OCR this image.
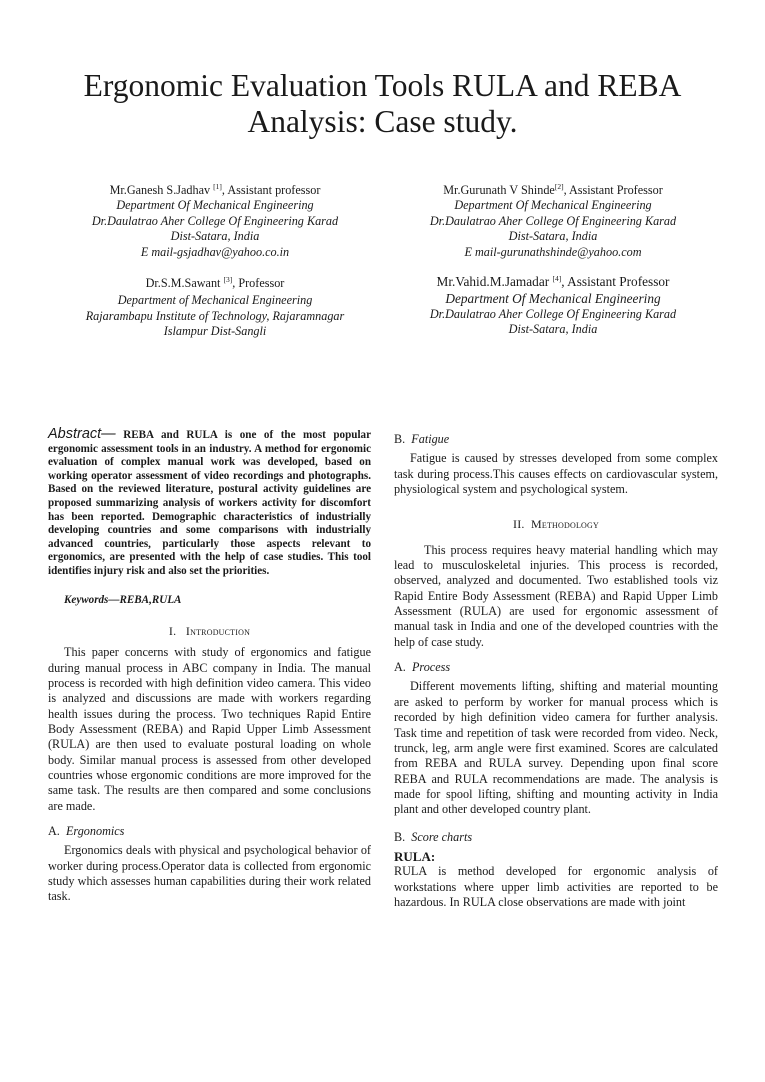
Ergonomic Evaluation Tools RULA and REBA Analysis: Case study.
Mr.Ganesh S.Jadhav [1], Assistant professor
Department Of Mechanical Engineering
Dr.Daulatrao Aher College Of Engineering Karad
Dist-Satara, India
E mail-gsjadhav@yahoo.co.in
Mr.Gurunath V Shinde[2], Assistant Professor
Department Of Mechanical Engineering
Dr.Daulatrao Aher College Of Engineering Karad
Dist-Satara, India
E mail-gurunathshinde@yahoo.com
Dr.S.M.Sawant [3], Professor
Department of Mechanical Engineering
Rajarambapu Institute of Technology, Rajaramnagar
Islampur Dist-Sangli
Mr.Vahid.M.Jamadar [4], Assistant Professor
Department Of Mechanical Engineering
Dr.Daulatrao Aher College Of Engineering Karad
Dist-Satara, India

Abstract— REBA and RULA is one of the most popular ergonomic assessment tools in an industry. A method for ergonomic evaluation of complex manual work was developed, based on working operator assessment of video recordings and photographs. Based on the reviewed literature, postural activity guidelines are proposed summarizing analysis of workers activity for discomfort has been reported. Demographic characteristics of industrially developing countries and some comparisons with industrially advanced countries, particularly those aspects relevant to ergonomics, are presented with the help of case studies. This tool identifies injury risk and also set the priorities.

Keywords—REBA,RULA
I. Introduction

This paper concerns with study of ergonomics and fatigue during manual process in ABC company in India. The manual process is recorded with high definition video camera. This video is analyzed and discussions are made with workers regarding health issues during the process. Two techniques Rapid Entire Body Assessment (REBA) and Rapid Upper Limb Assessment (RULA) are then used to evaluate postural loading on whole body. Similar manual process is assessed from other developed countries whose ergonomic conditions are more improved for the same task. The results are then compared and some conclusions are made.

A. Ergonomics

Ergonomics deals with physical and psychological behavior of worker during process.Operator data is collected from ergonomic study which assesses human capabilities during their work related task.

B. Fatigue

Fatigue is caused by stresses developed from some complex task during process.This causes effects on cardiovascular system, physiological system and psychological system.

II. Methodology

This process requires heavy material handling which may lead to musculoskeletal injuries. This process is recorded, observed, analyzed and documented. Two established tools viz Rapid Entire Body Assessment (REBA) and Rapid Upper Limb Assessment (RULA) are used for ergonomic assessment of manual task in India and one of the developed countries with the help of case study.

A. Process

Different movements lifting, shifting and material mounting are asked to perform by worker for manual process which is recorded by high definition video camera for further analysis. Task time and repetition of task were recorded from video. Neck, trunck, leg, arm angle were first examined. Scores are calculated from REBA and RULA survey. Depending upon final score REBA and RULA recommendations are made. The analysis is made for spool lifting, shifting and mounting activity in India plant and other developed country plant.

B. Score charts
RULA:

RULA is method developed for ergonomic analysis of workstations where upper limb activities are reported to be hazardous. In RULA close observations are made with joint
